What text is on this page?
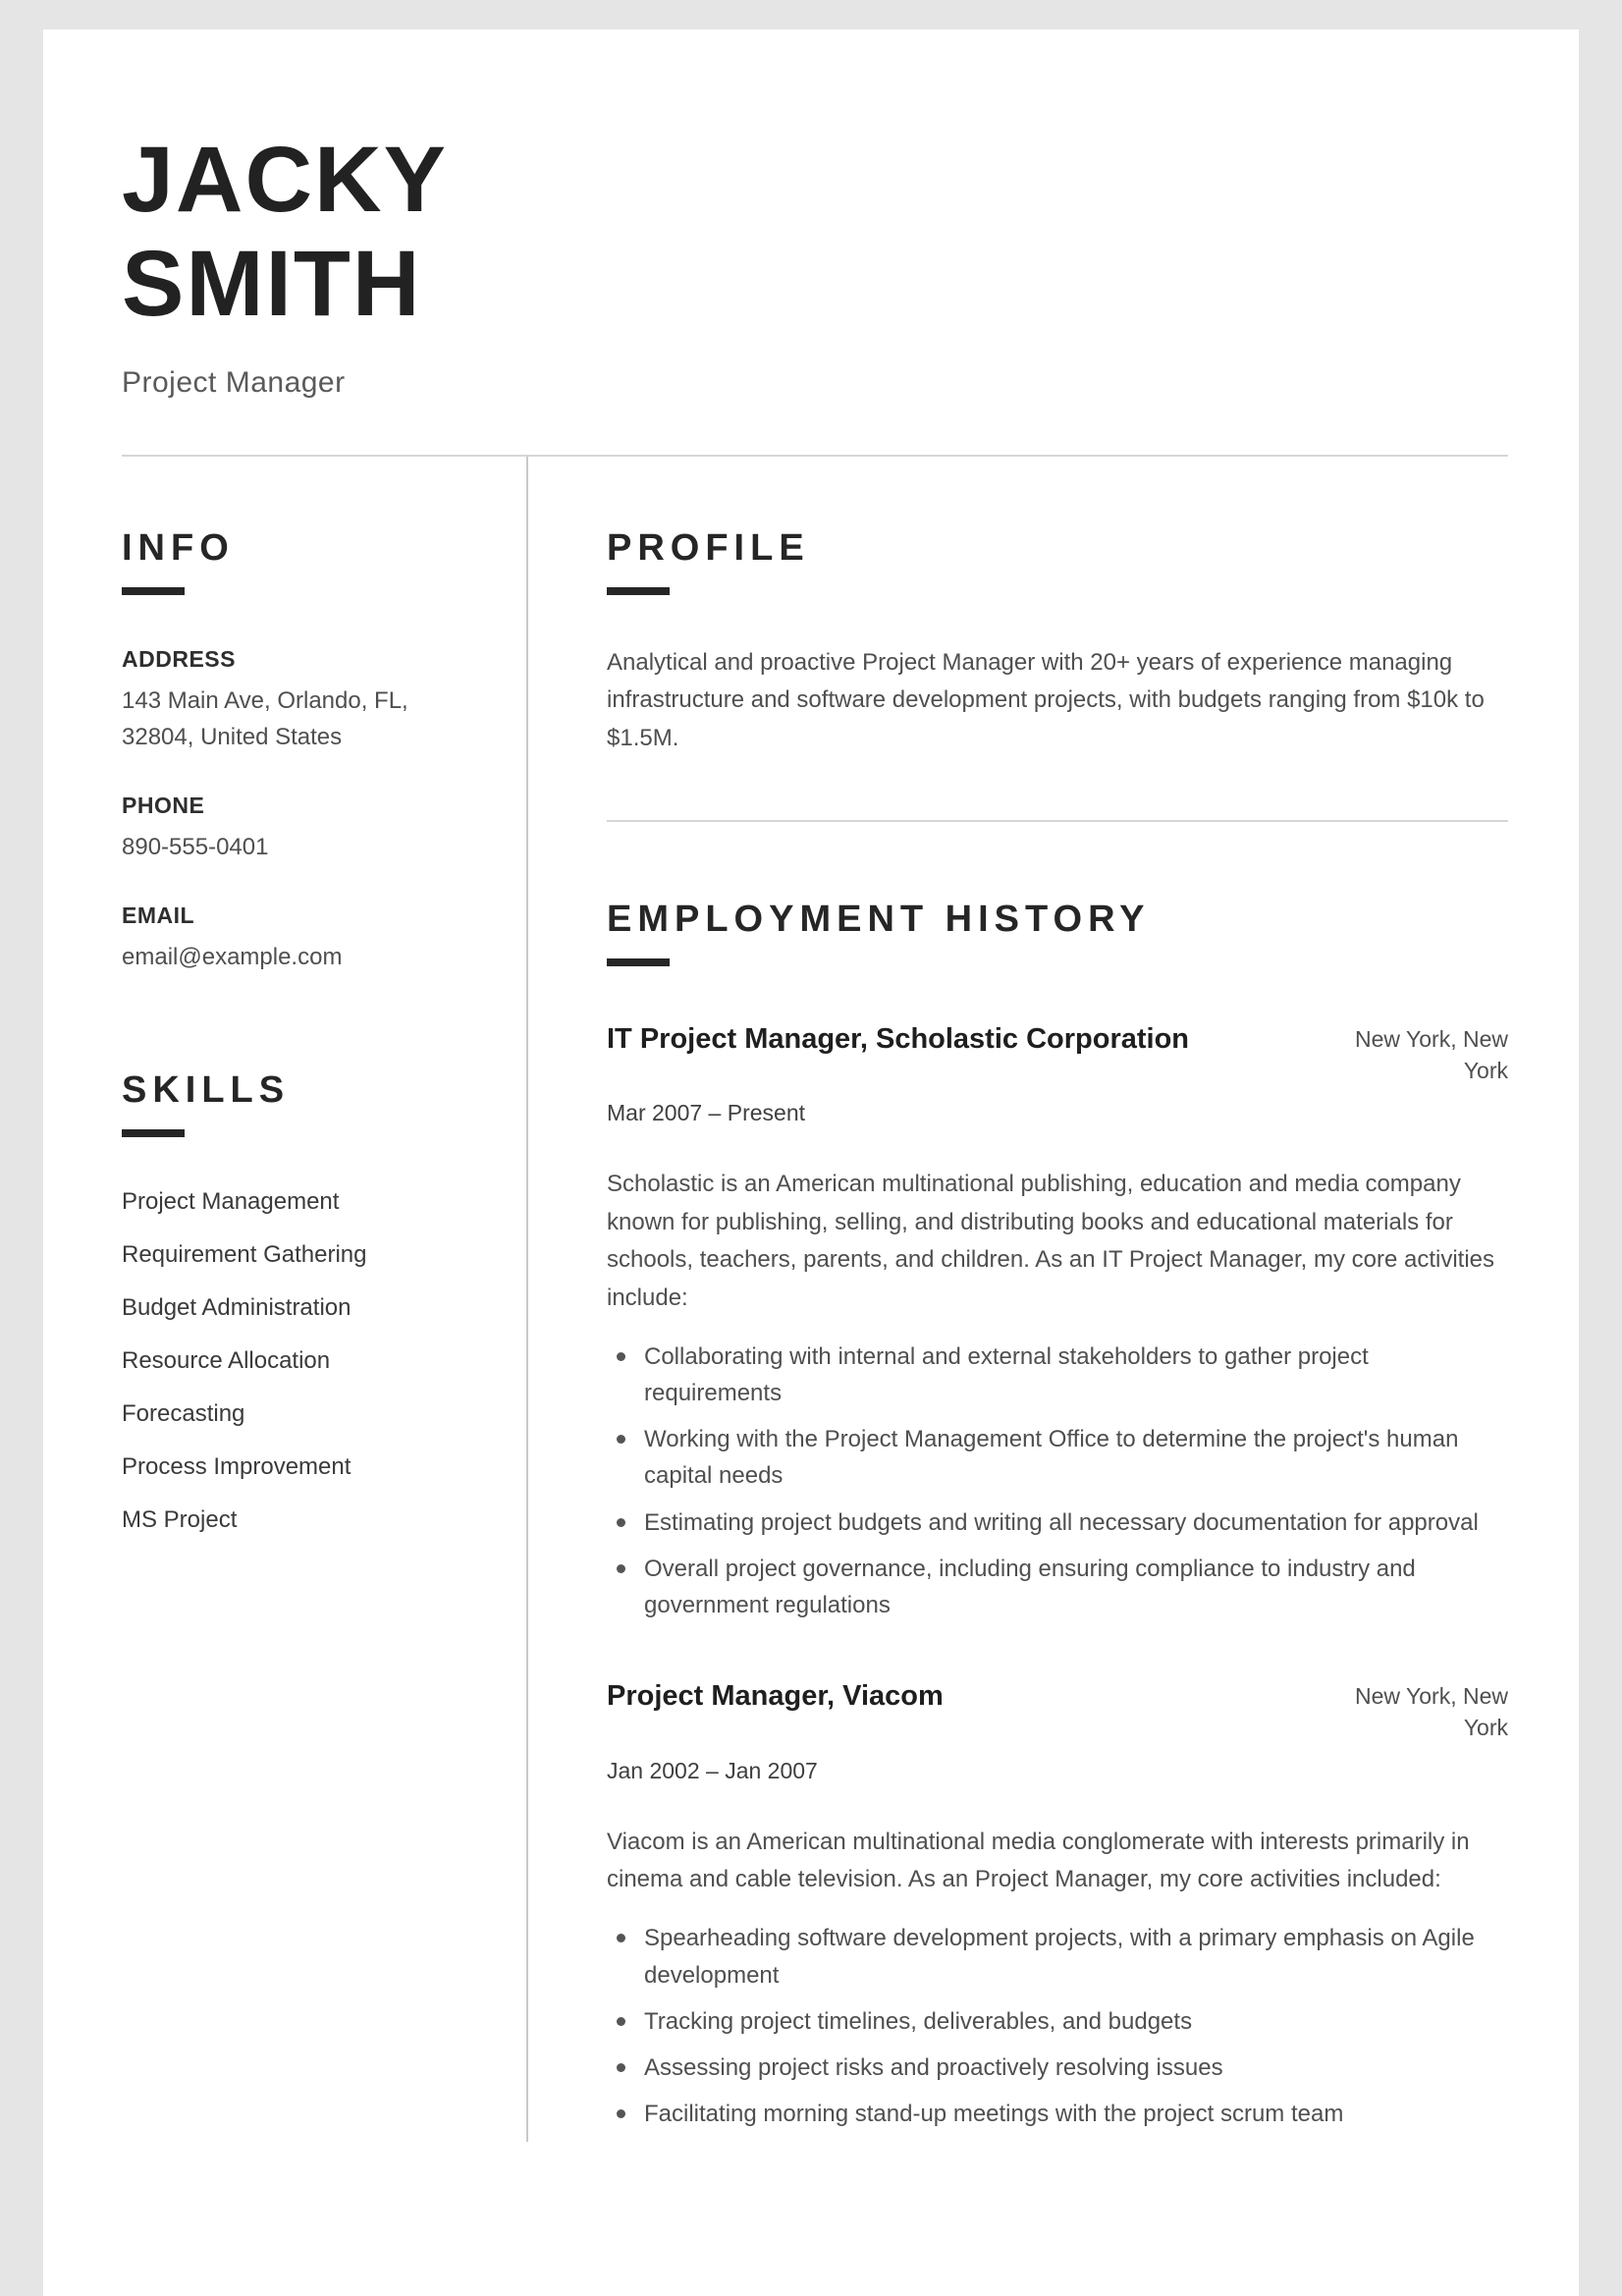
JACKY
SMITH
Project Manager
INFO
ADDRESS
143 Main Ave, Orlando, FL, 32804, United States
PHONE
890-555-0401
EMAIL
email@example.com
SKILLS
Project Management
Requirement Gathering
Budget Administration
Resource Allocation
Forecasting
Process Improvement
MS Project
PROFILE

Analytical and proactive Project Manager with 20+ years of experience managing infrastructure and software development projects, with budgets ranging from $10k to $1.5M.

EMPLOYMENT HISTORY
IT Project Manager, Scholastic Corporation	New York, New York
Mar 2007 – Present

Scholastic is an American multinational publishing, education and media company known for publishing, selling, and distributing books and educational materials for schools, teachers, parents, and children. As an IT Project Manager, my core activities include:

Collaborating with internal and external stakeholders to gather project requirements
Working with the Project Management Office to determine the project's human capital needs
Estimating project budgets and writing all necessary documentation for approval
Overall project governance, including ensuring compliance to industry and government regulations
Project Manager, Viacom	New York, New York
Jan 2002 – Jan 2007

Viacom is an American multinational media conglomerate with interests primarily in cinema and cable television. As an Project Manager, my core activities included:

Spearheading software development projects, with a primary emphasis on Agile development
Tracking project timelines, deliverables, and budgets
Assessing project risks and proactively resolving issues
Facilitating morning stand-up meetings with the project scrum team
